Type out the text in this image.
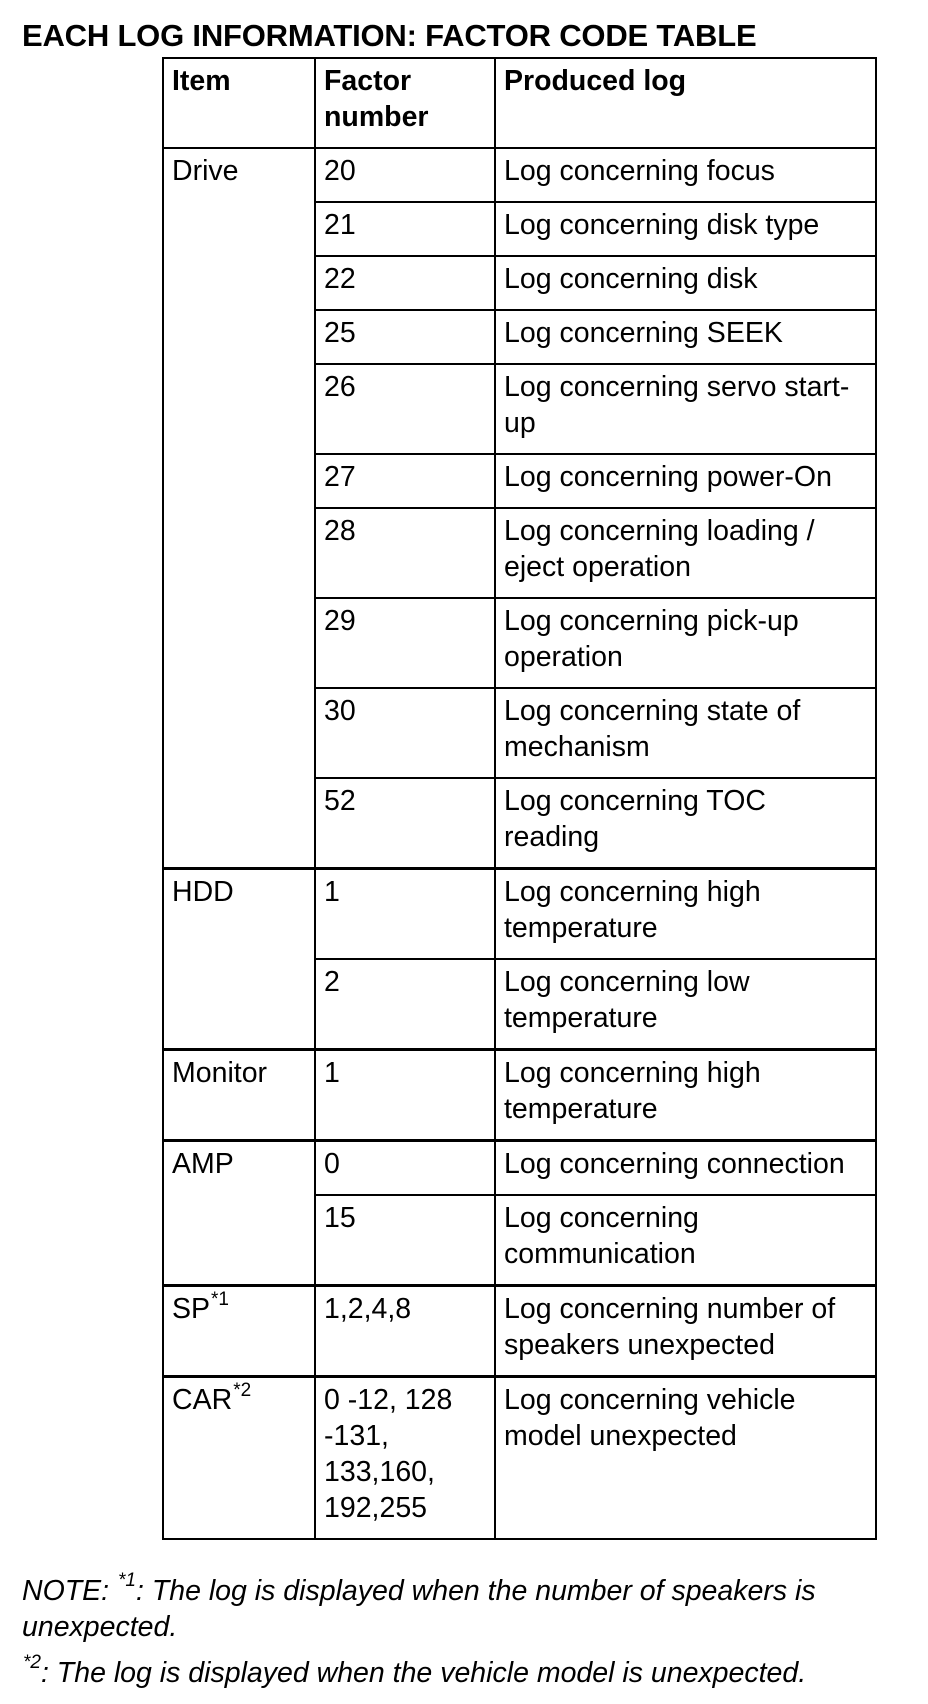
EACH LOG INFORMATION: FACTOR CODE TABLE
Item	Factor number	Produced log
Drive	20	Log concerning focus
	21	Log concerning disk type
	22	Log concerning disk
	25	Log concerning SEEK
	26	Log concerning servo start-up
	27	Log concerning power-On
	28	Log concerning loading / eject operation
	29	Log concerning pick-up operation
	30	Log concerning state of mechanism
	52	Log concerning TOC reading
HDD	1	Log concerning high temperature
	2	Log concerning low temperature
Monitor	1	Log concerning high temperature
AMP	0	Log concerning connection
	15	Log concerning communication
SP$^{*1}$	1,2,4,8	Log concerning number of speakers unexpected
CAR$^{*2}$	0 -12, 128 -131, 133,160, 192,255	Log concerning vehicle model unexpected
NOTE: $^{*1}$: The log is displayed when the number of speakers is
unexpected.
$^{*2}$: The log is displayed when the vehicle model is unexpected.
